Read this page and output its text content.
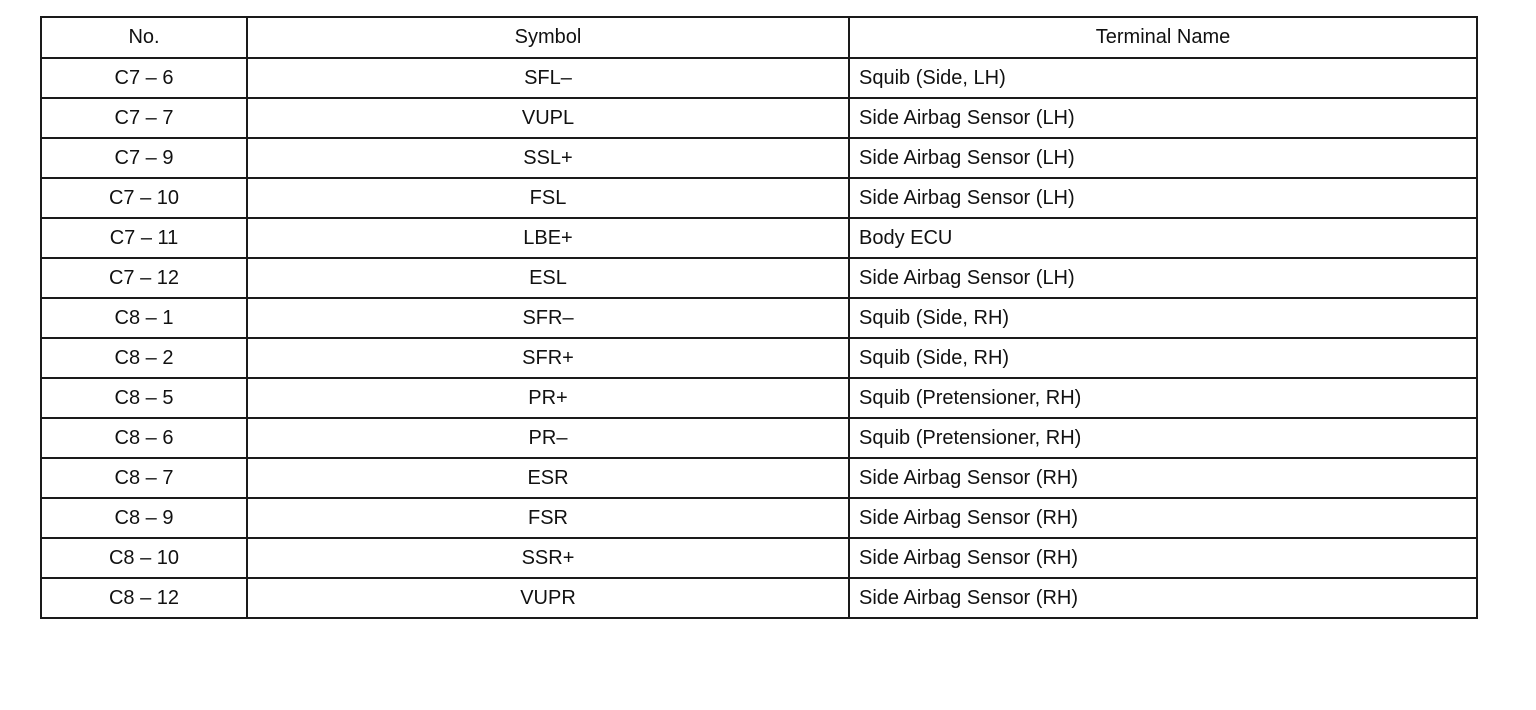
No.	Symbol	Terminal Name
C7 – 6	SFL–	Squib (Side, LH)
C7 – 7	VUPL	Side Airbag Sensor (LH)
C7 – 9	SSL+	Side Airbag Sensor (LH)
C7 – 10	FSL	Side Airbag Sensor (LH)
C7 – 11	LBE+	Body ECU
C7 – 12	ESL	Side Airbag Sensor (LH)
C8 – 1	SFR–	Squib (Side, RH)
C8 – 2	SFR+	Squib (Side, RH)
C8 – 5	PR+	Squib (Pretensioner, RH)
C8 – 6	PR–	Squib (Pretensioner, RH)
C8 – 7	ESR	Side Airbag Sensor (RH)
C8 – 9	FSR	Side Airbag Sensor (RH)
C8 – 10	SSR+	Side Airbag Sensor (RH)
C8 – 12	VUPR	Side Airbag Sensor (RH)
